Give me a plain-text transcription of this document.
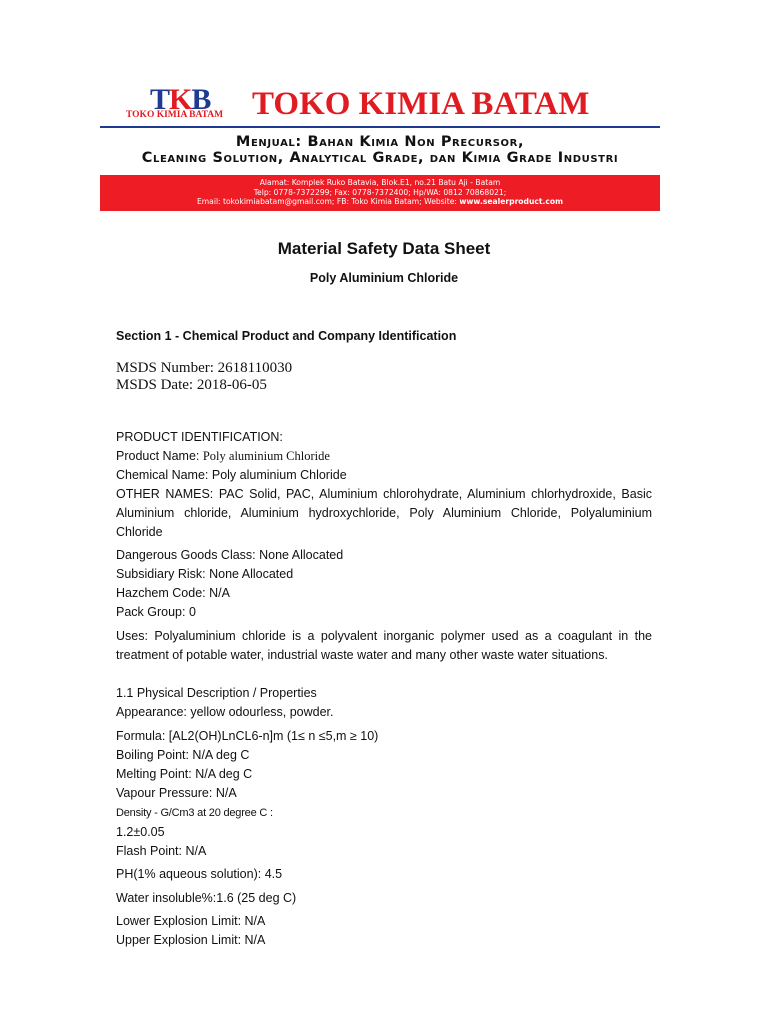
TKB
TOKO KIMIA BATAM TOKO KIMIA BATAM
Menjual: Bahan Kimia Non Precursor,
Cleaning Solution, Analytical Grade, dan Kimia Grade Industri
Alamat: Komplek Ruko Batavia, Blok.E1, no.21 Batu Aji - Batam
Telp: 0778-7372299; Fax: 0778-7372400; Hp/WA: 0812 70868021;
Email: tokokimiabatam@gmail.com; FB: Toko Kimia Batam; Website: www.sealerproduct.com
Material Safety Data Sheet
Poly Aluminium Chloride
Section 1 - Chemical Product and Company Identification
MSDS Number: 2618110030
MSDS Date: 2018-06-05
PRODUCT IDENTIFICATION:
Product Name: Poly aluminium Chloride
Chemical Name: Poly aluminium Chloride
OTHER NAMES: PAC Solid, PAC, Aluminium chlorohydrate, Aluminium chlorhydroxide, Basic Aluminium chloride, Aluminium hydroxychloride, Poly Aluminium Chloride, Polyaluminium Chloride
Dangerous Goods Class: None Allocated
Subsidiary Risk: None Allocated
Hazchem Code: N/A
Pack Group: 0
Uses: Polyaluminium chloride is a polyvalent inorganic polymer used as a coagulant in the treatment of potable water, industrial waste water and many other waste water situations.
1.1 Physical Description / Properties
Appearance: yellow odourless, powder.
Formula: [AL2(OH)LnCL6-n]m (1≤ n ≤5,m ≥ 10)
Boiling Point: N/A deg C
Melting Point: N/A deg C
Vapour Pressure: N/A
Density - G/Cm3 at 20 degree C :
1.2±0.05
Flash Point: N/A
PH(1% aqueous solution): 4.5
Water insoluble%:1.6 (25 deg C)
Lower Explosion Limit: N/A
Upper Explosion Limit: N/A
